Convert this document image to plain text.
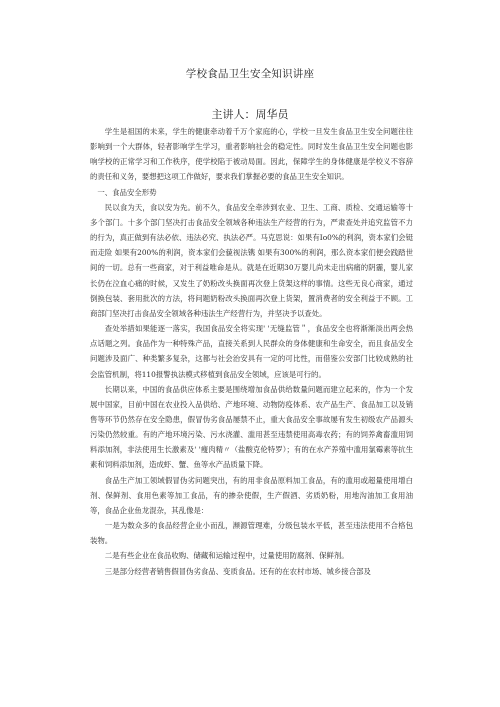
学校食品卫生安全知识讲座
主讲人：周华员

学生是祖国的未来，学生的健康牵动着千万个家庭的心，学校一旦发生食品卫生安全问题往往影响到一个大群体，轻者影响学生学习，重者影响社会的稳定性。同时发生食品卫生安全问题也影响学校的正常学习和工作秩序，使学校陷于被动局面。因此，保障学生的身体健康是学校义不容辞的责任和义务，要想把这项工作做好，要求我们掌握必要的食品卫生安全知识。

一、食品安全形势

民以食为天，食以安为先。前不久，食品安全牵涉到农业、卫生、工商、质检、交通运输等十多个部门。十多个部门坚决打击食品安全领域各种违法生产经营的行为，严肃查处并追究监管不力的行为，真正做到有法必依、违法必究、执法必严。马克思说：如果有Io0%的利润，资本家们会铤而走险 如果有200%的利润，资本家们会藐视法镌 如果有300%的利润，那么资本家们便会践踏世间的一切。总有一些商家，对于利益唯命是从。就是在近期30万婴儿尚未走出病痛的阴霾，婴儿家长仍在泣血心痛的时候，又发生了奶粉改头换面再次登上货架这样的事情。这些无良心商家，通过倒换包装、套用批次的方法，将问题奶粉改头换面再次登上货架，置消费者的安全利益于不顾。工商部门坚决打击食品安全领域各种违法生产经营行为，并坚决予以查处。

查处举措如果能逐一落实，我国食品安全将实现' '无缝监管＂，食品安全也将渐渐淡出两会热点话题之列。食品作为一种特殊产品，直接关系到人民群众的身体健康和生命安全，而且食品安全问题涉及面广、种类繁多复杂，这都与社会治安具有一定的可比性，而借鉴公安部门比较成熟的社会监管机制，将110报警执法模式移植到食品安全领域，应该是可行的。

长期以来，中国的食品供应体系主要是围绕增加食品供给数量问题而建立起来的，作为一个发展中国家，目前中国在农业投入品供给、产地环境、动物防疫体系、农产品生产、食品加工以及销售等环节仍然存在安全隐患，假冒伪劣食品屡禁不止，重大食品安全事故屡有发生初级农产品源头污染仍然较重。有的产地环境污染、污水浇灌、滥用甚至违禁使用高毒农药；有的饲养禽畜滥用饲料添加剂，非法使用生长激素及' '瘦肉精〃（盐酸克伦特罗）；有的在水产养殖中滥用氯霉素等抗生素和饲料添加剂，造成虾、蟹、鱼等水产品质量下降。

食品生产加工领域假冒伪劣问题突出，有的用非食品原料加工食品，有的滥用或超量使用增白剂、保鲜剂、食用色素等加工食品，有的掺杂使假，生产假酒、劣质奶粉，用地沟油加工食用油等，食品企业鱼龙混杂，其乱像是：

一是为数众多的食品经营企业小而乱，濒源管理难，分级包装水平低，甚至违法使用不合格包装物。

二是有些企业在食品收购、储藏和运输过程中，过量使用防腐剂、保鲜剂。

三是部分经营者销售假冒伪劣食品、变质食品。还有的在农村市场、城乡接合部及
